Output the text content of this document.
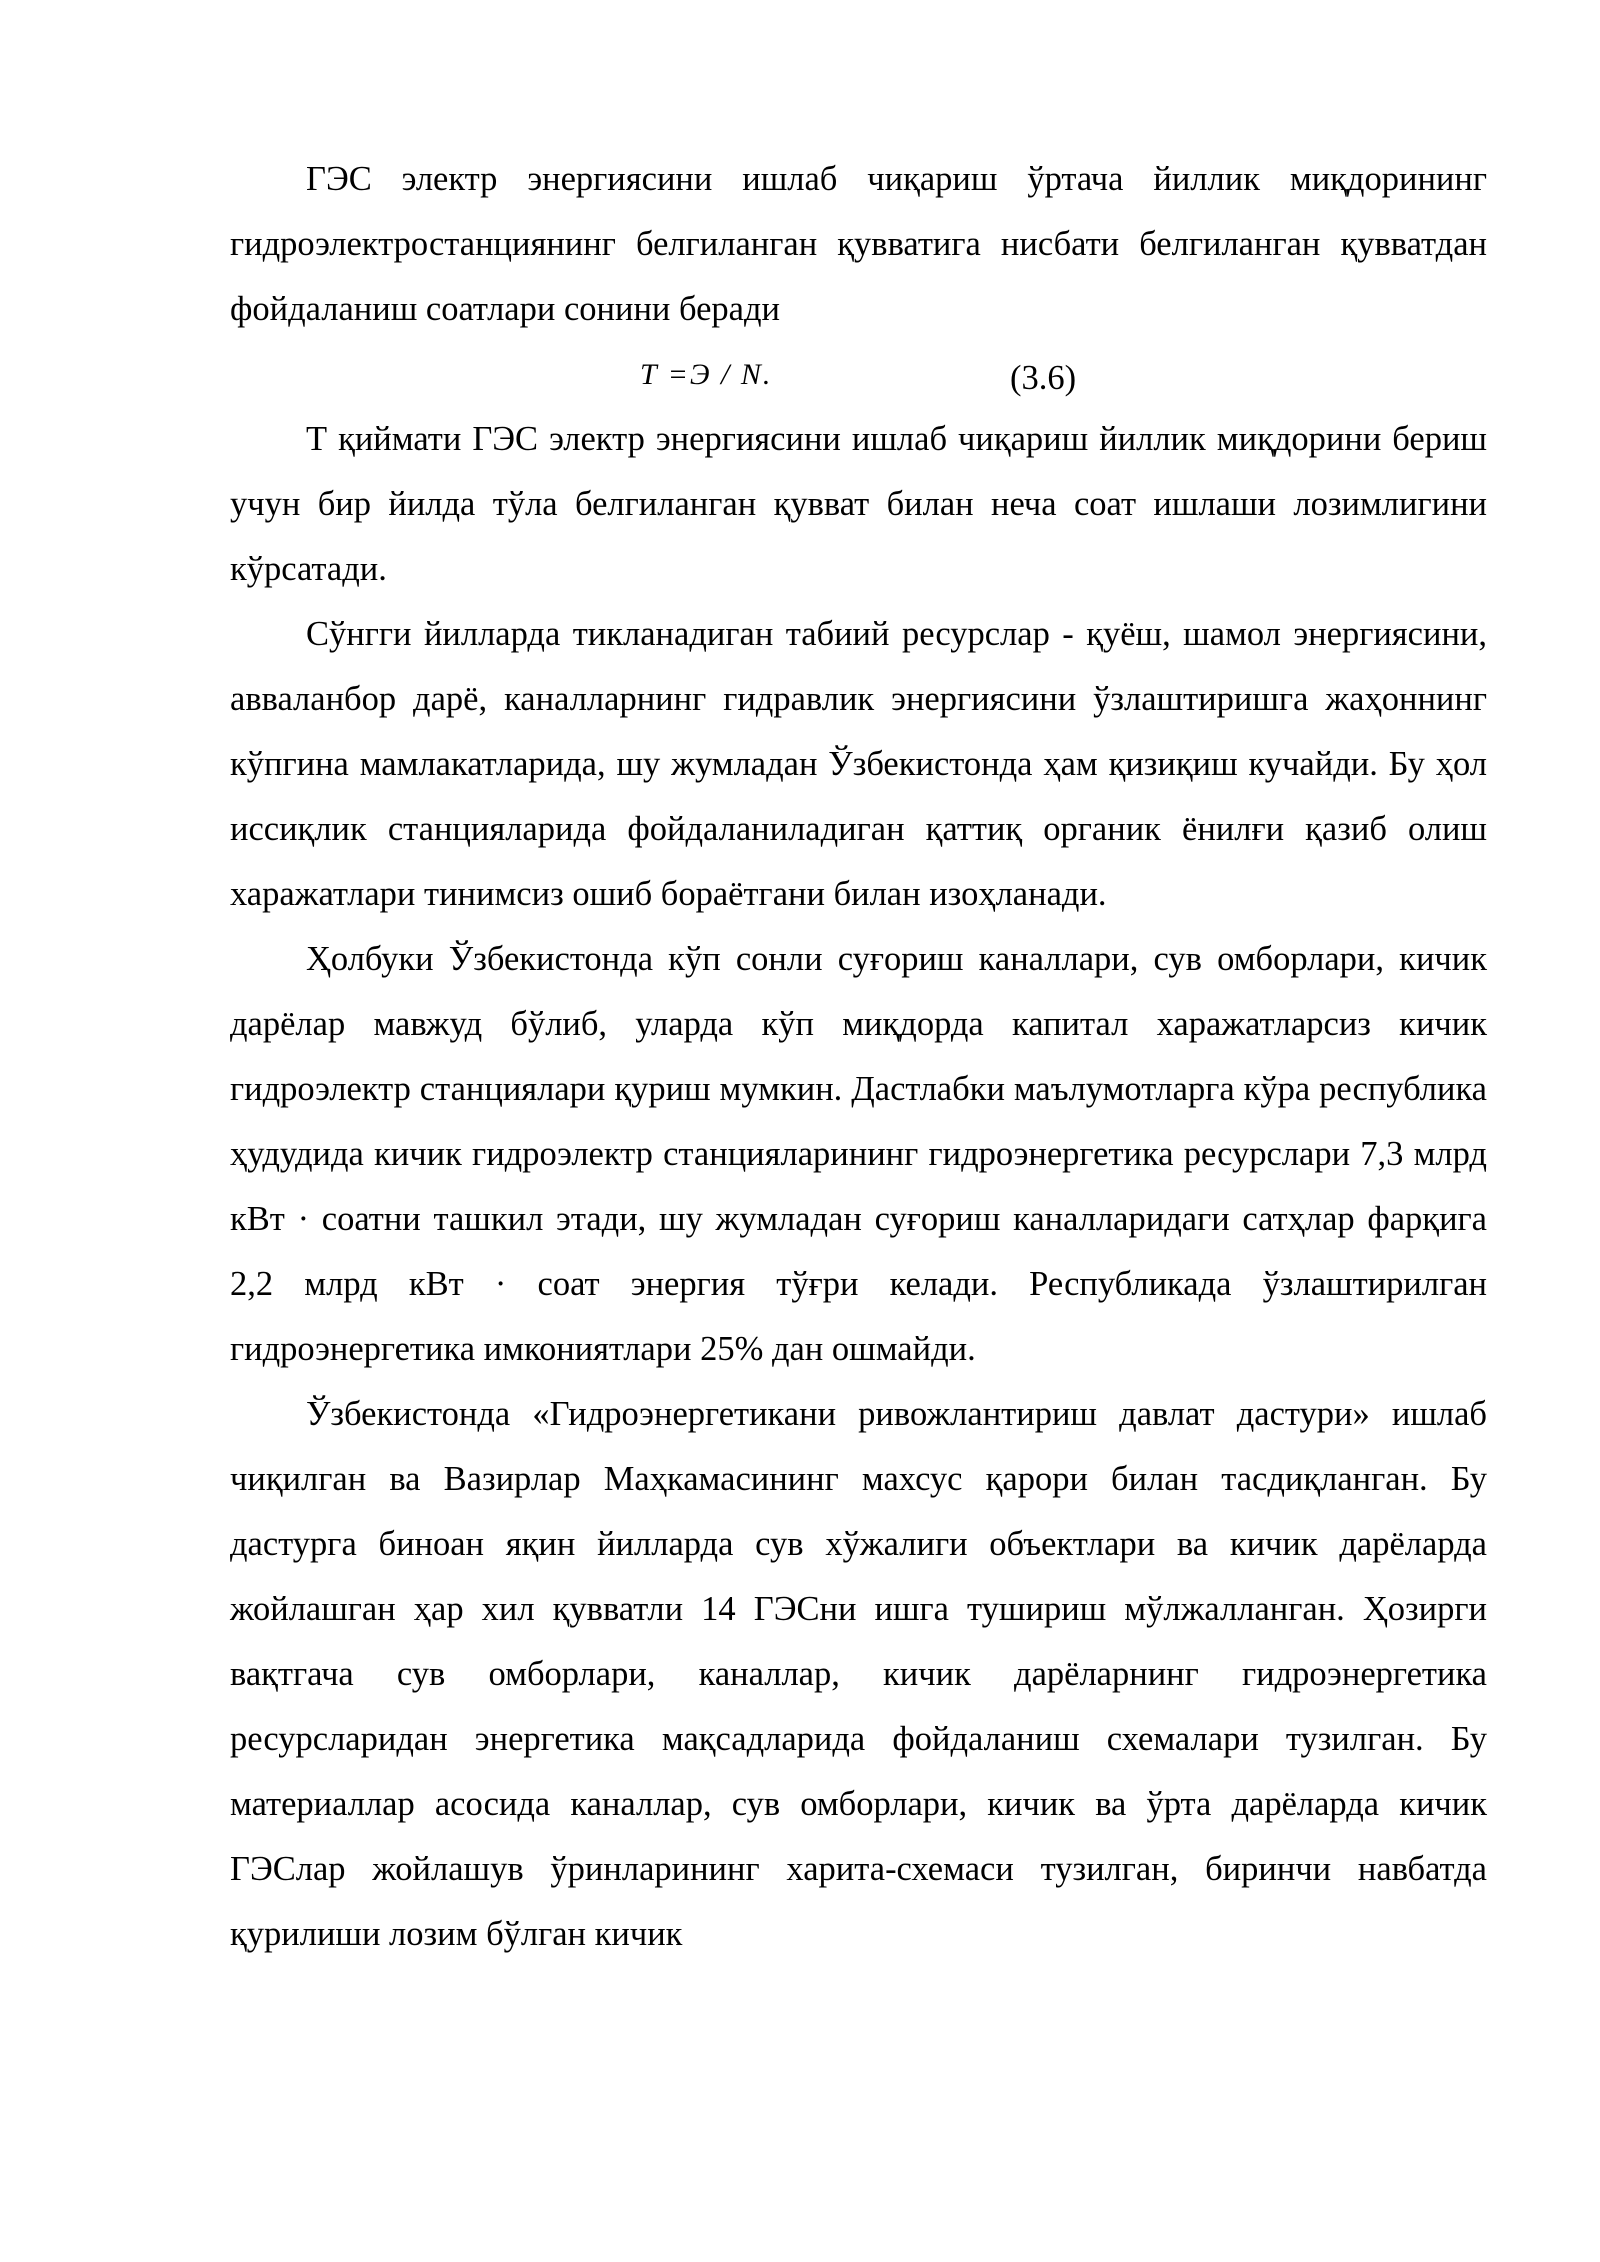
ГЭС электр энергиясини ишлаб чиқариш ўртача йиллик миқдорининг гидроэлектростанциянинг белгиланган қувватига нисбати белгиланган қувватдан фойдаланиш соатлари сонини беради

T =Э / N.	(3.6)

Т қиймати ГЭС электр энергиясини ишлаб чиқариш йиллик миқдорини бериш учун бир йилда тўла белгиланган қувват билан неча соат ишлаши лозимлигини кўрсатади.

Сўнгги йилларда тикланадиган табиий ресурслар - қуёш, шамол энергиясини, авваланбор дарё, каналларнинг гидравлик энергиясини ўзлаштиришга жаҳоннинг кўпгина мамлакатларида, шу жумладан Ўзбекистонда ҳам қизиқиш кучайди. Бу ҳол иссиқлик станцияларида фойдаланиладиган қаттиқ органик ёнилғи қазиб олиш харажатлари тинимсиз ошиб бораётгани билан изоҳланади.

Ҳолбуки Ўзбекистонда кўп сонли суғориш каналлари, сув омборлари, кичик дарёлар мавжуд бўлиб, уларда кўп миқдорда капитал харажатларсиз кичик гидроэлектр станциялари қуриш мумкин. Дастлабки маълумотларга кўра республика ҳудудида кичик гидроэлектр станцияларининг гидроэнергетика ресурслари 7,3 млрд кВт · соатни ташкил этади, шу жумладан суғориш каналларидаги сатҳлар фарқига 2,2 млрд кВт · соат энергия тўғри келади. Республикада ўзлаштирилган гидроэнергетика имкониятлари 25% дан ошмайди.

Ўзбекистонда «Гидроэнергетикани ривожлантириш давлат дастури» ишлаб чиқилган ва Вазирлар Маҳкамасининг махсус қарори билан тасдиқланган. Бу дастурга биноан яқин йилларда сув хўжалиги объектлари ва кичик дарёларда жойлашган ҳар хил қувватли 14 ГЭСни ишга тушириш мўлжалланган. Ҳозирги вақтгача сув омборлари, каналлар, кичик дарёларнинг гидроэнергетика ресурсларидан энергетика мақсадларида фойдаланиш схемалари тузилган. Бу материаллар асосида каналлар, сув омборлари, кичик ва ўрта дарёларда кичик ГЭСлар жойлашув ўринларининг харита-схемаси тузилган, биринчи навбатда қурилиши лозим бўлган кичик
